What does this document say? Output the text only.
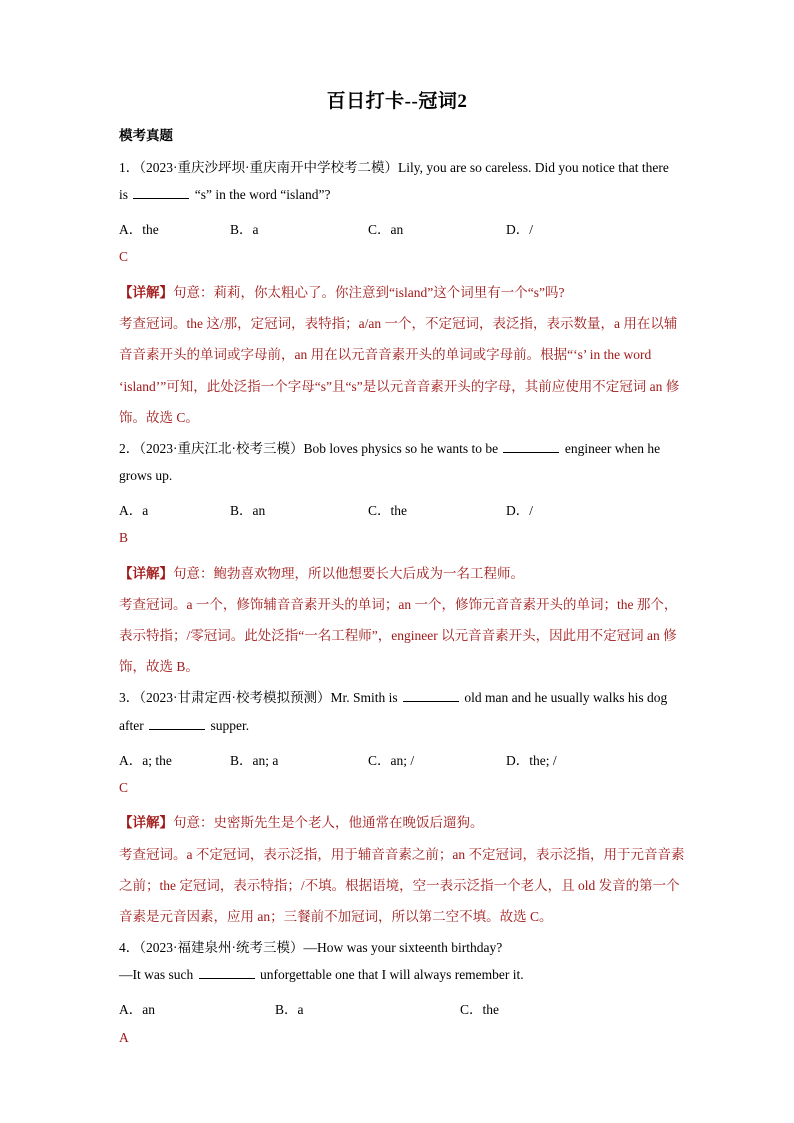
百日打卡--冠词2
模考真题
1．（2023·重庆沙坪坝·重庆南开中学校考二模）Lily, you are so careless. Did you notice that there
is	“s” in the word “island”?
A．the	B．a	C．an	D．/
C
【详解】句意：莉莉，你太粗心了。你注意到“island”这个词里有一个“s”吗?
考查冠词。the 这/那，定冠词，表特指；a/an 一个，不定冠词，表泛指，表示数量，a 用在以辅
音音素开头的单词或字母前，an 用在以元音音素开头的单词或字母前。根据“‘s’ in the word
‘island’”可知，此处泛指一个字母“s”且“s”是以元音音素开头的字母，其前应使用不定冠词 an 修
饰。故选 C。
2．（2023·重庆江北·校考三模）Bob loves physics so he wants to be	engineer when he
grows up.
A．a	B．an	C．the	D．/
B
【详解】句意：鲍勃喜欢物理，所以他想要长大后成为一名工程师。
考查冠词。a 一个，修饰辅音音素开头的单词；an 一个，修饰元音音素开头的单词；the 那个，
表示特指；/零冠词。此处泛指“一名工程师”，engineer 以元音音素开头，因此用不定冠词 an 修
饰，故选 B。
3．（2023·甘肃定西·校考模拟预测）Mr. Smith is	old man and he usually walks his dog
after	supper.
A．a; the	B．an; a	C．an; /	D．the; /
C
【详解】句意：史密斯先生是个老人，他通常在晚饭后遛狗。
考查冠词。a 不定冠词，表示泛指，用于辅音音素之前；an 不定冠词，表示泛指，用于元音音素
之前；the 定冠词，表示特指；/不填。根据语境，空一表示泛指一个老人，且 old 发音的第一个
音素是元音因素，应用 an；三餐前不加冠词，所以第二空不填。故选 C。
4．（2023·福建泉州·统考三模）—How was your sixteenth birthday?
—It was such	unforgettable one that I will always remember it.
A．an	B．a	C．the
A
